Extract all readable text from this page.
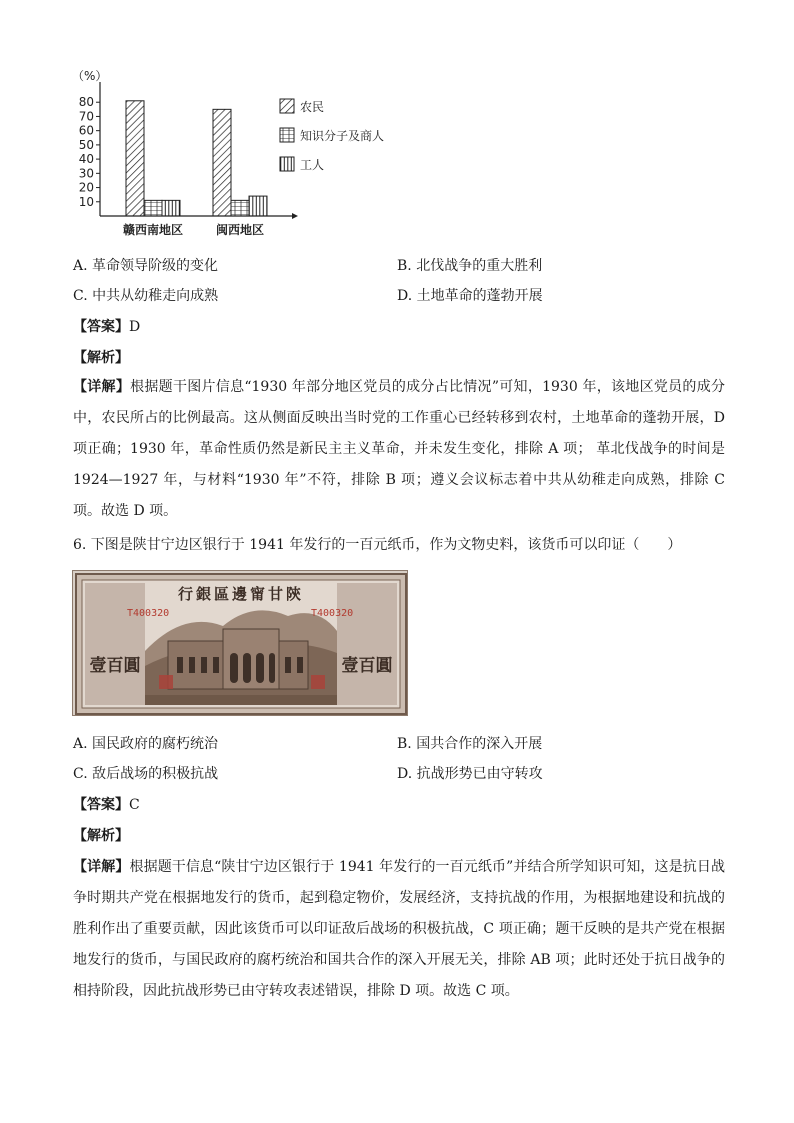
（%）
10
20
30
40
50
60
70
80
赣西南地区	闽西地区
农民
知识分子及商人
工人
A. 革命领导阶级的变化	B. 北伐战争的重大胜利
C. 中共从幼稚走向成熟	D. 土地革命的蓬勃开展
【答案】D
【解析】
【详解】根据题干图片信息“1930 年部分地区党员的成分占比情况”可知，1930 年，该地区党员的成分中，农民所占的比例最高。这从侧面反映出当时党的工作重心已经转移到农村，土地革命的蓬勃开展，D 项正确；1930 年，革命性质仍然是新民主主义革命，并未发生变化，排除 A 项； 革北伐战争的时间是 1924—1927 年，与材料“1930 年”不符，排除 B 项；遵义会议标志着中共从幼稚走向成熟，排除 C 项。故选 D 项。
6. 下图是陕甘宁边区银行于 1941 年发行的一百元纸币，作为文物史料，该货币可以印证（　　）
行銀區邊甯甘陝
T400320	T400320
壹百圓	壹百圓
A. 国民政府的腐朽统治	B. 国共合作的深入开展
C. 敌后战场的积极抗战	D. 抗战形势已由守转攻
【答案】C
【解析】
【详解】根据题干信息“陕甘宁边区银行于 1941 年发行的一百元纸币”并结合所学知识可知，这是抗日战争时期共产党在根据地发行的货币，起到稳定物价，发展经济，支持抗战的作用，为根据地建设和抗战的胜利作出了重要贡献，因此该货币可以印证敌后战场的积极抗战，C 项正确；题干反映的是共产党在根据地发行的货币，与国民政府的腐朽统治和国共合作的深入开展无关，排除 AB 项；此时还处于抗日战争的相持阶段，因此抗战形势已由守转攻表述错误，排除 D 项。故选 C 项。
